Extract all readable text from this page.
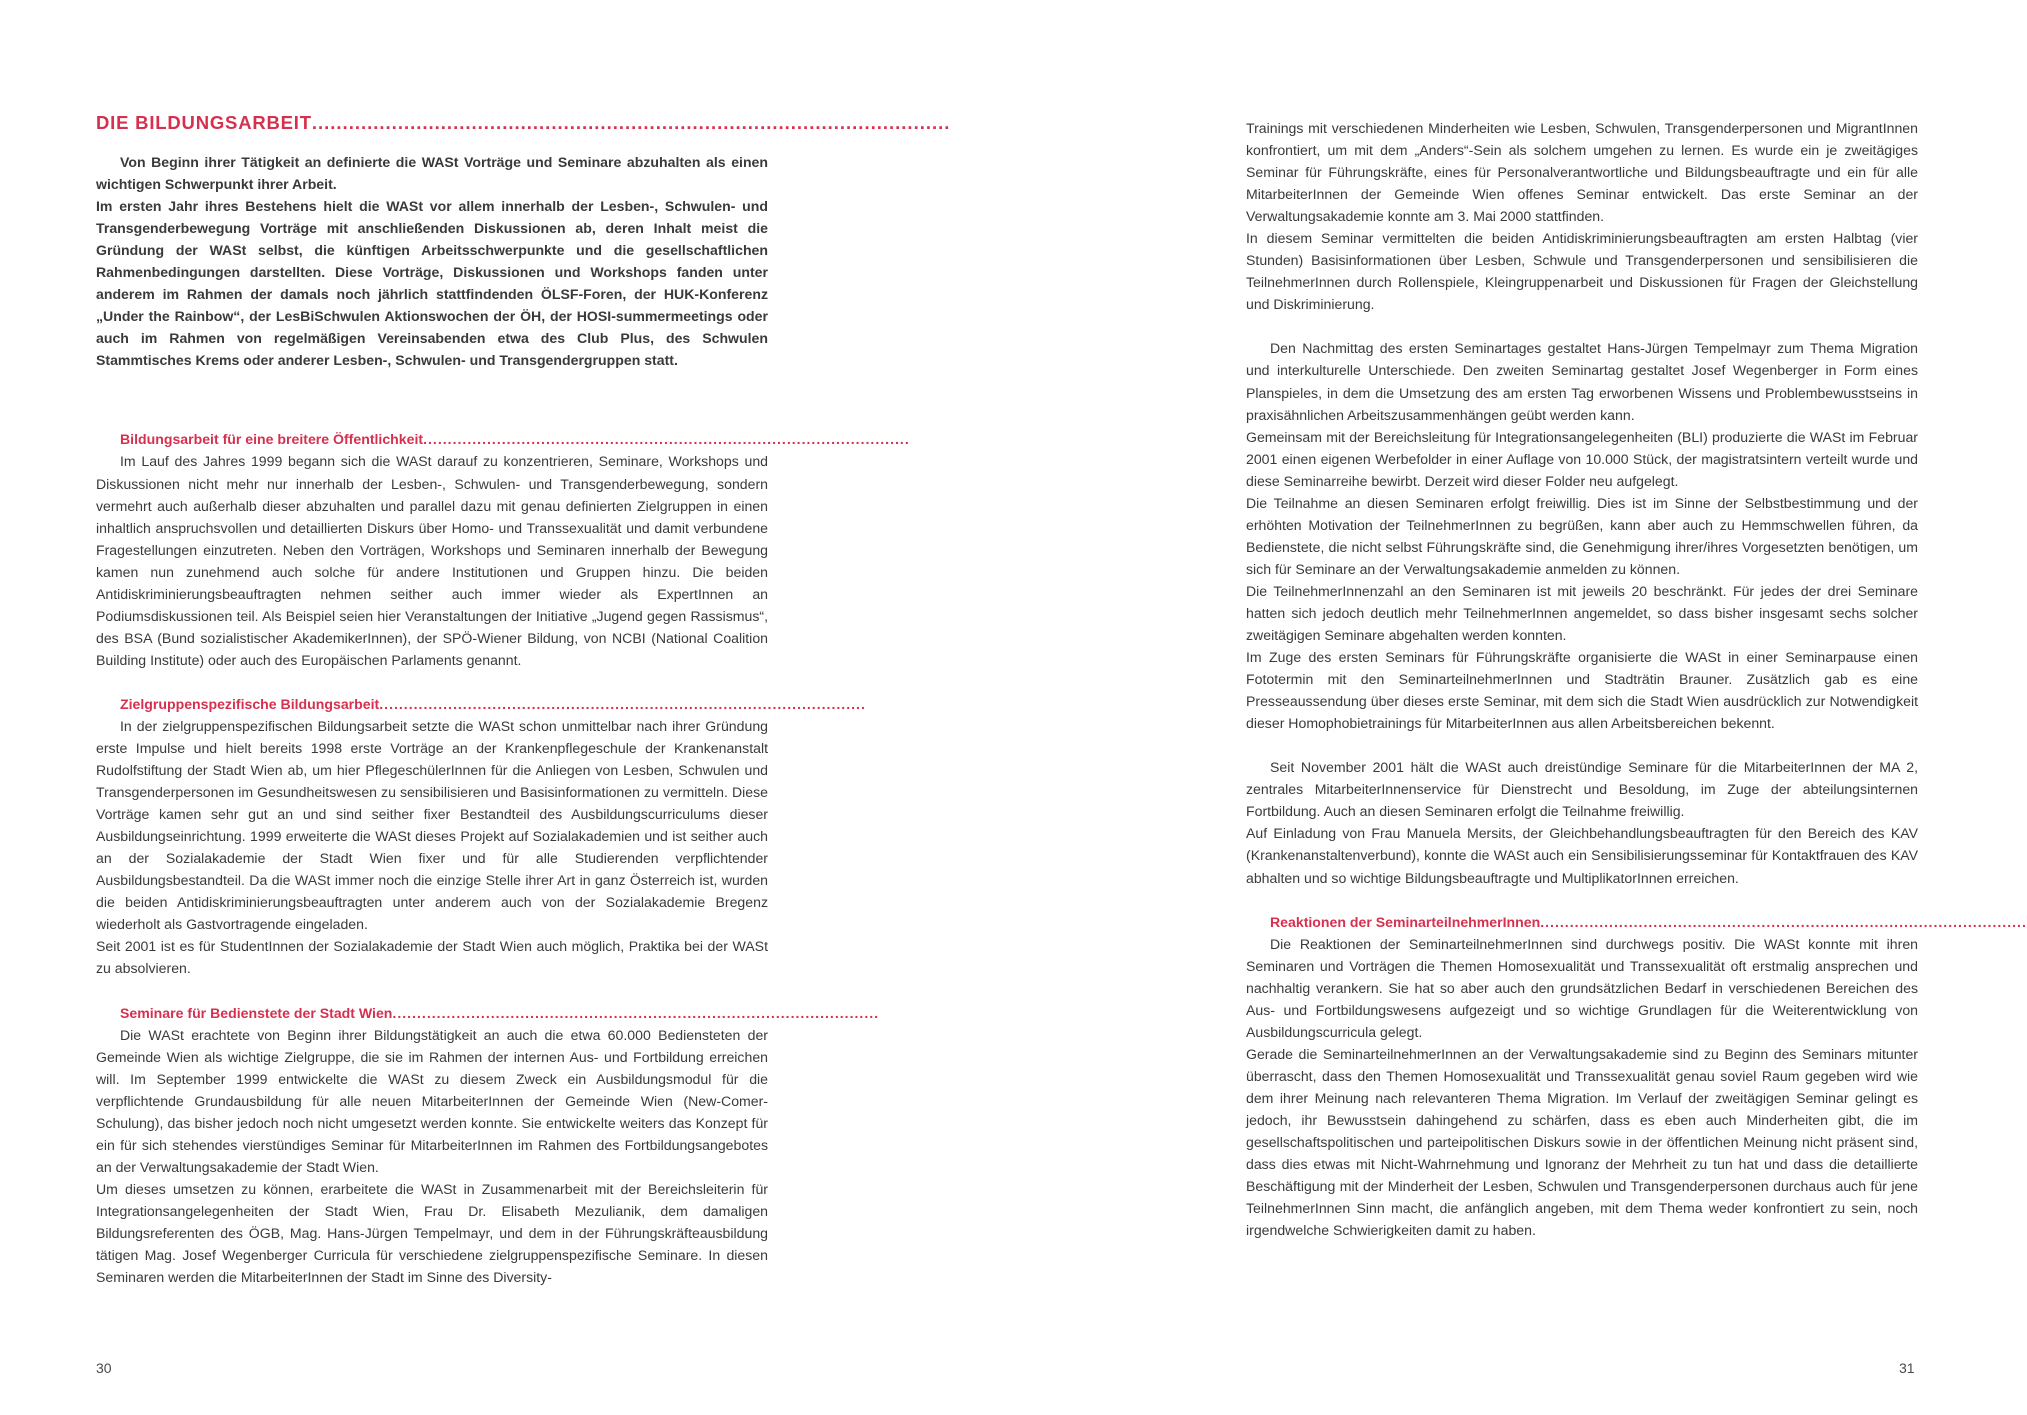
DIE BILDUNGSARBEIT........................................................................................................

Von Beginn ihrer Tätigkeit an definierte die WASt Vorträge und Seminare abzuhalten als einen wichtigen Schwerpunkt ihrer Arbeit.

Im ersten Jahr ihres Bestehens hielt die WASt vor allem innerhalb der Lesben-, Schwulen- und Transgenderbewegung Vorträge mit anschließenden Diskussionen ab, deren Inhalt meist die Gründung der WASt selbst, die künftigen Arbeitsschwerpunkte und die gesellschaftlichen Rahmenbedingungen darstellten. Diese Vorträge, Diskussionen und Workshops fanden unter anderem im Rahmen der damals noch jährlich stattfindenden ÖLSF-Foren, der HUK-Konferenz „Under the Rainbow“, der LesBiSchwulen Aktionswochen der ÖH, der HOSI-summermeetings oder auch im Rahmen von regelmäßigen Vereinsabenden etwa des Club Plus, des Schwulen Stammtisches Krems oder anderer Lesben-, Schwulen- und Transgendergruppen statt.

Bildungsarbeit für eine breitere Öffentlichkeit...................................................................................................

Im Lauf des Jahres 1999 begann sich die WASt darauf zu konzentrieren, Seminare, Workshops und Diskussionen nicht mehr nur innerhalb der Lesben-, Schwulen- und Transgenderbewegung, sondern vermehrt auch außerhalb dieser abzuhalten und parallel dazu mit genau definierten Zielgruppen in einen inhaltlich anspruchsvollen und detaillierten Diskurs über Homo- und Transsexualität und damit verbundene Fragestellungen einzutreten. Neben den Vorträgen, Workshops und Seminaren innerhalb der Bewegung kamen nun zunehmend auch solche für andere Institutionen und Gruppen hinzu. Die beiden Antidiskriminierungsbeauftragten nehmen seither auch immer wieder als ExpertInnen an Podiumsdiskussionen teil. Als Beispiel seien hier Veranstaltungen der Initiative „Jugend gegen Rassismus“, des BSA (Bund sozialistischer AkademikerInnen), der SPÖ-Wiener Bildung, von NCBI (National Coalition Building Institute) oder auch des Europäischen Parlaments genannt.

Zielgruppenspezifische Bildungsarbeit...................................................................................................

In der zielgruppenspezifischen Bildungsarbeit setzte die WASt schon unmittelbar nach ihrer Gründung erste Impulse und hielt bereits 1998 erste Vorträge an der Krankenpflegeschule der Krankenanstalt Rudolfstiftung der Stadt Wien ab, um hier PflegeschülerInnen für die Anliegen von Lesben, Schwulen und Transgenderpersonen im Gesundheitswesen zu sensibilisieren und Basisinformationen zu vermitteln. Diese Vorträge kamen sehr gut an und sind seither fixer Bestandteil des Ausbildungscurriculums dieser Ausbildungseinrichtung. 1999 erweiterte die WASt dieses Projekt auf Sozialakademien und ist seither auch an der Sozialakademie der Stadt Wien fixer und für alle Studierenden verpflichtender Ausbildungsbestandteil. Da die WASt immer noch die einzige Stelle ihrer Art in ganz Österreich ist, wurden die beiden Antidiskriminierungsbeauftragten unter anderem auch von der Sozialakademie Bregenz wiederholt als Gastvortragende eingeladen.

Seit 2001 ist es für StudentInnen der Sozialakademie der Stadt Wien auch möglich, Praktika bei der WASt zu absolvieren.

Seminare für Bedienstete der Stadt Wien...................................................................................................

Die WASt erachtete von Beginn ihrer Bildungstätigkeit an auch die etwa 60.000 Bediensteten der Gemeinde Wien als wichtige Zielgruppe, die sie im Rahmen der internen Aus- und Fortbildung erreichen will. Im September 1999 entwickelte die WASt zu diesem Zweck ein Ausbildungsmodul für die verpflichtende Grundausbildung für alle neuen MitarbeiterInnen der Gemeinde Wien (New-Comer-Schulung), das bisher jedoch noch nicht umgesetzt werden konnte. Sie entwickelte weiters das Konzept für ein für sich stehendes vierstündiges Seminar für MitarbeiterInnen im Rahmen des Fortbildungsangebotes an der Verwaltungsakademie der Stadt Wien.

Um dieses umsetzen zu können, erarbeitete die WASt in Zusammenarbeit mit der Bereichsleiterin für Integrationsangelegenheiten der Stadt Wien, Frau Dr. Elisabeth Mezulianik, dem damaligen Bildungsreferenten des ÖGB, Mag. Hans-Jürgen Tempelmayr, und dem in der Führungskräfteausbildung tätigen Mag. Josef Wegenberger Curricula für verschiedene zielgruppenspezifische Seminare. In diesen Seminaren werden die MitarbeiterInnen der Stadt im Sinne des Diversity-

30

Trainings mit verschiedenen Minderheiten wie Lesben, Schwulen, Transgenderpersonen und MigrantInnen konfrontiert, um mit dem „Anders“-Sein als solchem umgehen zu lernen. Es wurde ein je zweitägiges Seminar für Führungskräfte, eines für Personalverantwortliche und Bildungsbeauftragte und ein für alle MitarbeiterInnen der Gemeinde Wien offenes Seminar entwickelt. Das erste Seminar an der Verwaltungsakademie konnte am 3. Mai 2000 stattfinden.

In diesem Seminar vermittelten die beiden Antidiskriminierungsbeauftragten am ersten Halbtag (vier Stunden) Basisinformationen über Lesben, Schwule und Transgenderpersonen und sensibilisieren die TeilnehmerInnen durch Rollenspiele, Kleingruppenarbeit und Diskussionen für Fragen der Gleichstellung und Diskriminierung.

Den Nachmittag des ersten Seminartages gestaltet Hans-Jürgen Tempelmayr zum Thema Migration und interkulturelle Unterschiede. Den zweiten Seminartag gestaltet Josef Wegenberger in Form eines Planspieles, in dem die Umsetzung des am ersten Tag erworbenen Wissens und Problembewusstseins in praxisähnlichen Arbeitszusammenhängen geübt werden kann.

Gemeinsam mit der Bereichsleitung für Integrationsangelegenheiten (BLI) produzierte die WASt im Februar 2001 einen eigenen Werbefolder in einer Auflage von 10.000 Stück, der magistratsintern verteilt wurde und diese Seminarreihe bewirbt. Derzeit wird dieser Folder neu aufgelegt.

Die Teilnahme an diesen Seminaren erfolgt freiwillig. Dies ist im Sinne der Selbstbestimmung und der erhöhten Motivation der TeilnehmerInnen zu begrüßen, kann aber auch zu Hemmschwellen führen, da Bedienstete, die nicht selbst Führungskräfte sind, die Genehmigung ihrer/ihres Vorgesetzten benötigen, um sich für Seminare an der Verwaltungsakademie anmelden zu können.

Die TeilnehmerInnenzahl an den Seminaren ist mit jeweils 20 beschränkt. Für jedes der drei Seminare hatten sich jedoch deutlich mehr TeilnehmerInnen angemeldet, so dass bisher insgesamt sechs solcher zweitägigen Seminare abgehalten werden konnten.

Im Zuge des ersten Seminars für Führungskräfte organisierte die WASt in einer Seminarpause einen Fototermin mit den SeminarteilnehmerInnen und Stadträtin Brauner. Zusätzlich gab es eine Presseaussendung über dieses erste Seminar, mit dem sich die Stadt Wien ausdrücklich zur Notwendigkeit dieser Homophobietrainings für MitarbeiterInnen aus allen Arbeitsbereichen bekennt.

Seit November 2001 hält die WASt auch dreistündige Seminare für die MitarbeiterInnen der MA 2, zentrales MitarbeiterInnenservice für Dienstrecht und Besoldung, im Zuge der abteilungsinternen Fortbildung. Auch an diesen Seminaren erfolgt die Teilnahme freiwillig.

Auf Einladung von Frau Manuela Mersits, der Gleichbehandlungsbeauftragten für den Bereich des KAV (Krankenanstaltenverbund), konnte die WASt auch ein Sensibilisierungsseminar für Kontaktfrauen des KAV abhalten und so wichtige Bildungsbeauftragte und MultiplikatorInnen erreichen.

Reaktionen der SeminarteilnehmerInnen...................................................................................................

Die Reaktionen der SeminarteilnehmerInnen sind durchwegs positiv. Die WASt konnte mit ihren Seminaren und Vorträgen die Themen Homosexualität und Transsexualität oft erstmalig ansprechen und nachhaltig verankern. Sie hat so aber auch den grundsätzlichen Bedarf in verschiedenen Bereichen des Aus- und Fortbildungswesens aufgezeigt und so wichtige Grundlagen für die Weiterentwicklung von Ausbildungscurricula gelegt.

Gerade die SeminarteilnehmerInnen an der Verwaltungsakademie sind zu Beginn des Seminars mitunter überrascht, dass den Themen Homosexualität und Transsexualität genau soviel Raum gegeben wird wie dem ihrer Meinung nach relevanteren Thema Migration. Im Verlauf der zweitägigen Seminar gelingt es jedoch, ihr Bewusstsein dahingehend zu schärfen, dass es eben auch Minderheiten gibt, die im gesellschaftspolitischen und parteipolitischen Diskurs sowie in der öffentlichen Meinung nicht präsent sind, dass dies etwas mit Nicht-Wahrnehmung und Ignoranz der Mehrheit zu tun hat und dass die detaillierte Beschäftigung mit der Minderheit der Lesben, Schwulen und Transgenderpersonen durchaus auch für jene TeilnehmerInnen Sinn macht, die anfänglich angeben, mit dem Thema weder konfrontiert zu sein, noch irgendwelche Schwierigkeiten damit zu haben.

31
